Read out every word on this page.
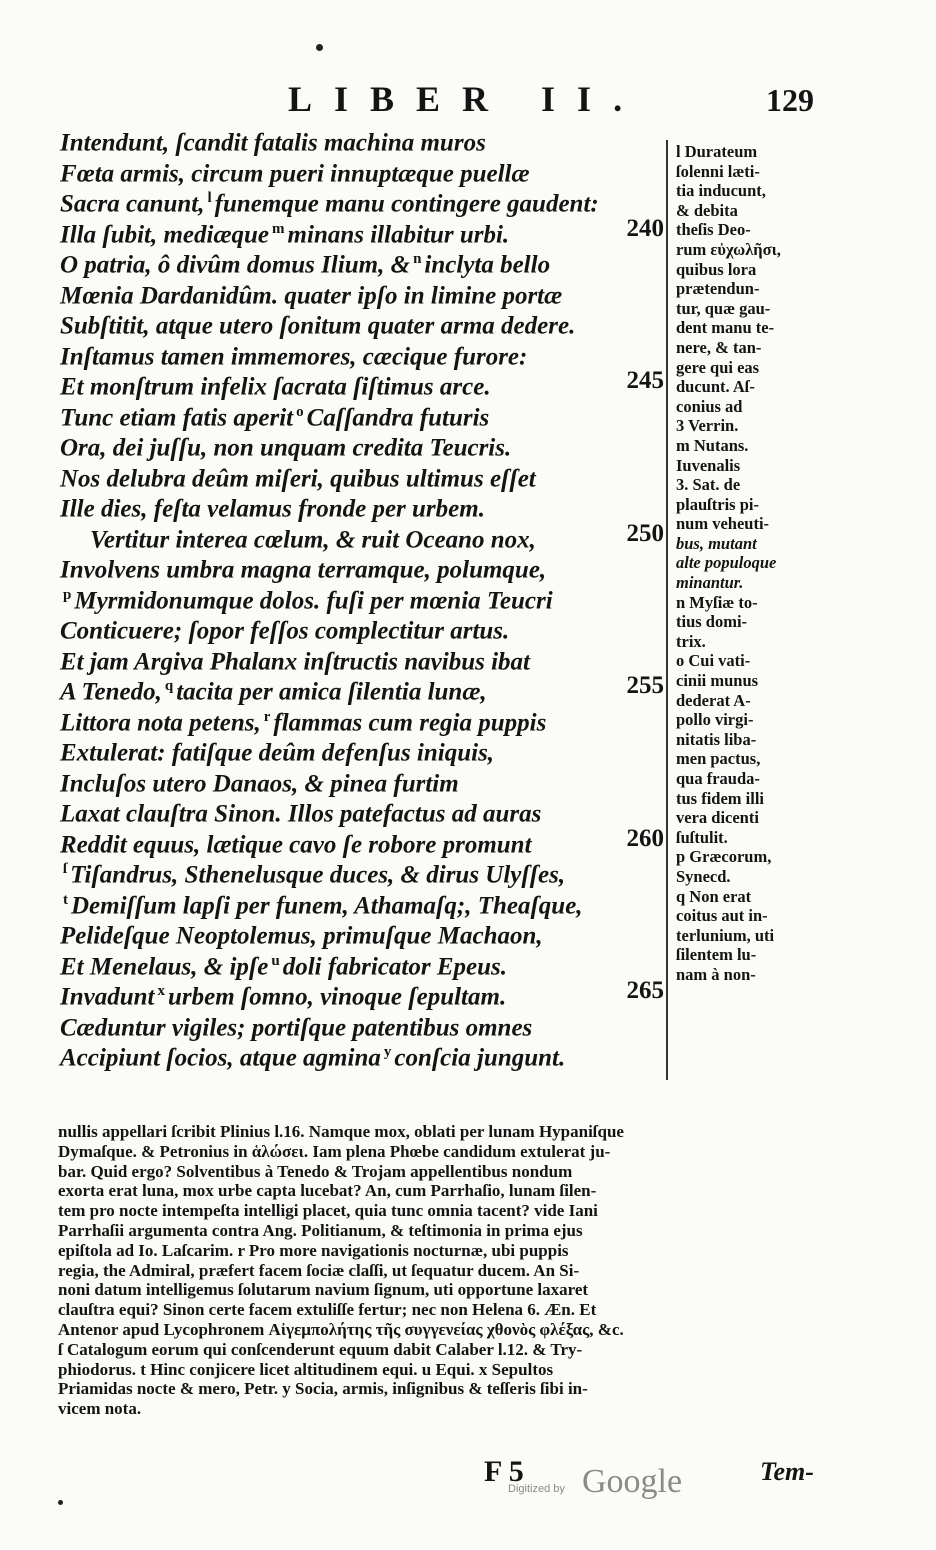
LIBER II.	129
Intendunt, ſcandit fatalis machina muros
Fœta armis, circum pueri innuptæque puellæ
Sacra canunt, $^l$ funemque manu contingere gaudent:
Illa ſubit, mediæque $^m$ minans illabitur urbi.	240
O patria, ô divûm domus Ilium, & $^n$ inclyta bello
Mœnia Dardanidûm. quater ipſo in limine portæ
Subſtitit, atque utero ſonitum quater arma dedere.
Inſtamus tamen immemores, cæcique furore:
Et monſtrum infelix ſacrata ſiſtimus arce.	245
Tunc etiam fatis aperit $^o$ Caſſandra futuris
Ora, dei juſſu, non unquam credita Teucris.
Nos delubra deûm miſeri, quibus ultimus eſſet
Ille dies, feſta velamus fronde per urbem.
Vertitur interea cœlum, & ruit Oceano nox,	250
Involvens umbra magna terramque, polumque,
$^p$ Myrmidonumque dolos. fuſi per mœnia Teucri
Conticuere; ſopor feſſos complectitur artus.
Et jam Argiva Phalanx inſtructis navibus ibat
A Tenedo, $^q$ tacita per amica ſilentia lunæ,	255
Littora nota petens, $^r$ flammas cum regia puppis
Extulerat: fatiſque deûm defenſus iniquis,
Incluſos utero Danaos, & pinea furtim
Laxat clauſtra Sinon. Illos patefactus ad auras
Reddit equus, lætique cavo ſe robore promunt	260
$^ſ$ Tiſandrus, Sthenelusque duces, & dirus Ulyſſes,
$^t$ Demiſſum lapſi per funem, Athamaſq;, Theaſque,
Pelideſque Neoptolemus, primuſque Machaon,
Et Menelaus, & ipſe $^u$ doli fabricator Epeus.
Invadunt $^x$ urbem ſomno, vinoque ſepultam.	265
Cæduntur vigiles; portiſque patentibus omnes
Accipiunt ſocios, atque agmina $^y$ conſcia jungunt.
l Durateum
ſolenni læti-
tia inducunt,
& debita
theſis Deo-
rum εὐχωλῆσι,
quibus lora
prætendun-
tur, quæ gau-
dent manu te-
nere, & tan-
gere qui eas
ducunt. Aſ-
conius ad
3 Verrin.
m Nutans.
Iuvenalis
3. Sat. de
plauſtris pi-
num veheuti-
bus, mutant
alte populoque
minantur.
n Myſiæ to-
tius domi-
trix.
o Cui vati-
cinii munus
dederat A-
pollo virgi-
nitatis liba-
men pactus,
qua frauda-
tus fidem illi
vera dicenti
ſuſtulit.
p Græcorum,
Synecd.
q Non erat
coitus aut in-
terlunium, uti
ſilentem lu-
nam à non-
nullis appellari ſcribit Plinius l.16. Namque mox, oblati per lunam Hypaniſque
Dymaſque. & Petronius in ἁλώσει. Iam plena Phœbe candidum extulerat ju-
bar. Quid ergo? Solventibus à Tenedo & Trojam appellentibus nondum
exorta erat luna, mox urbe capta lucebat? An, cum Parrhaſio, lunam ſilen-
tem pro nocte intempeſta intelligi placet, quia tunc omnia tacent? vide Iani
Parrhaſii argumenta contra Ang. Politianum, & teſtimonia in prima ejus
epiſtola ad Io. Laſcarim. r Pro more navigationis nocturnæ, ubi puppis
regia, the Admiral, præfert facem ſociæ claſſi, ut ſequatur ducem. An Si-
noni datum intelligemus ſolutarum navium ſignum, uti opportune laxaret
clauſtra equi? Sinon certe facem extuliſſe fertur; nec non Helena 6. Æn. Et
Antenor apud Lycophronem Αἰγεμπολήτης τῆς συγγενείας χθονὸς φλέξας, &c.
ſ Catalogum eorum qui conſcenderunt equum dabit Calaber l.12. & Try-
phiodorus. t Hinc conjicere licet altitudinem equi. u Equi. x Sepultos
Priamidas nocte & mero, Petr. y Socia, armis, inſignibus & teſſeris ſibi in-
vicem nota.
F 5
Digitized by Google	Tem-
